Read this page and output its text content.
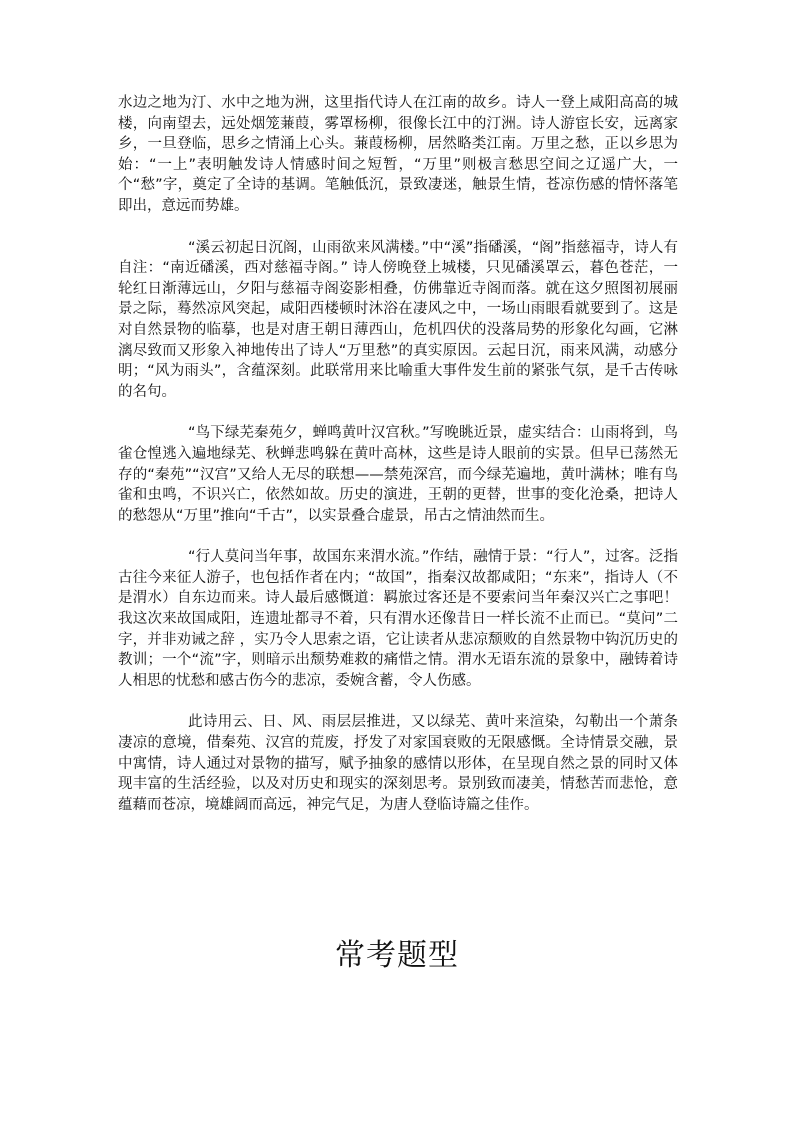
水边之地为汀、水中之地为洲，这里指代诗人在江南的故乡。诗人一登上咸阳高高的城楼，向南望去，远处烟笼蒹葭，雾罩杨柳，很像长江中的汀洲。诗人游宦长安，远离家乡，一旦登临，思乡之情涌上心头。蒹葭杨柳，居然略类江南。万里之愁，正以乡思为始：“一上”表明触发诗人情感时间之短暂，“万里”则极言愁思空间之辽遥广大，一个“愁”字，奠定了全诗的基调。笔触低沉，景致凄迷，触景生情，苍凉伤感的情怀落笔即出，意远而势雄。

“溪云初起日沉阁，山雨欲来风满楼。”中“溪”指磻溪，“阁”指慈福寺，诗人有自注：“南近磻溪，西对慈福寺阁。” 诗人傍晚登上城楼，只见磻溪罩云，暮色苍茫，一轮红日渐薄远山，夕阳与慈福寺阁姿影相叠，仿佛靠近寺阁而落。就在这夕照图初展丽景之际，蓦然凉风突起，咸阳西楼顿时沐浴在凄风之中，一场山雨眼看就要到了。这是对自然景物的临摹，也是对唐王朝日薄西山，危机四伏的没落局势的形象化勾画，它淋漓尽致而又形象入神地传出了诗人“万里愁”的真实原因。云起日沉，雨来风满，动感分明；“风为雨头”，含蕴深刻。此联常用来比喻重大事件发生前的紧张气氛，是千古传咏的名句。

“鸟下绿芜秦苑夕，蝉鸣黄叶汉宫秋。”写晚眺近景，虚实结合：山雨将到，鸟雀仓惶逃入遍地绿芜、秋蝉悲鸣躲在黄叶高林，这些是诗人眼前的实景。但早已荡然无存的“秦苑”“汉宫”又给人无尽的联想——禁苑深宫，而今绿芜遍地，黄叶满林；唯有鸟雀和虫鸣，不识兴亡，依然如故。历史的演进，王朝的更替，世事的变化沧桑，把诗人的愁怨从“万里”推向“千古”，以实景叠合虚景，吊古之情油然而生。

“行人莫问当年事，故国东来渭水流。”作结，融情于景：“行人”，过客。泛指古往今来征人游子，也包括作者在内；“故国”，指秦汉故都咸阳；“东来”，指诗人（不是渭水）自东边而来。诗人最后感慨道：羁旅过客还是不要索问当年秦汉兴亡之事吧！我这次来故国咸阳，连遗址都寻不着，只有渭水还像昔日一样长流不止而已。“莫问”二字，并非劝诫之辞 ，实乃令人思索之语，它让读者从悲凉颓败的自然景物中钩沉历史的教训；一个“流”字，则暗示出颓势难救的痛惜之情。渭水无语东流的景象中，融铸着诗人相思的忧愁和感古伤今的悲凉，委婉含蓄，令人伤感。

此诗用云、日、风、雨层层推进，又以绿芜、黄叶来渲染，勾勒出一个萧条凄凉的意境，借秦苑、汉宫的荒废，抒发了对家国衰败的无限感慨。全诗情景交融，景中寓情，诗人通过对景物的描写，赋予抽象的感情以形体，在呈现自然之景的同时又体现丰富的生活经验，以及对历史和现实的深刻思考。景别致而凄美，情愁苦而悲怆，意蕴藉而苍凉，境雄阔而高远，神完气足，为唐人登临诗篇之佳作。

常考题型
